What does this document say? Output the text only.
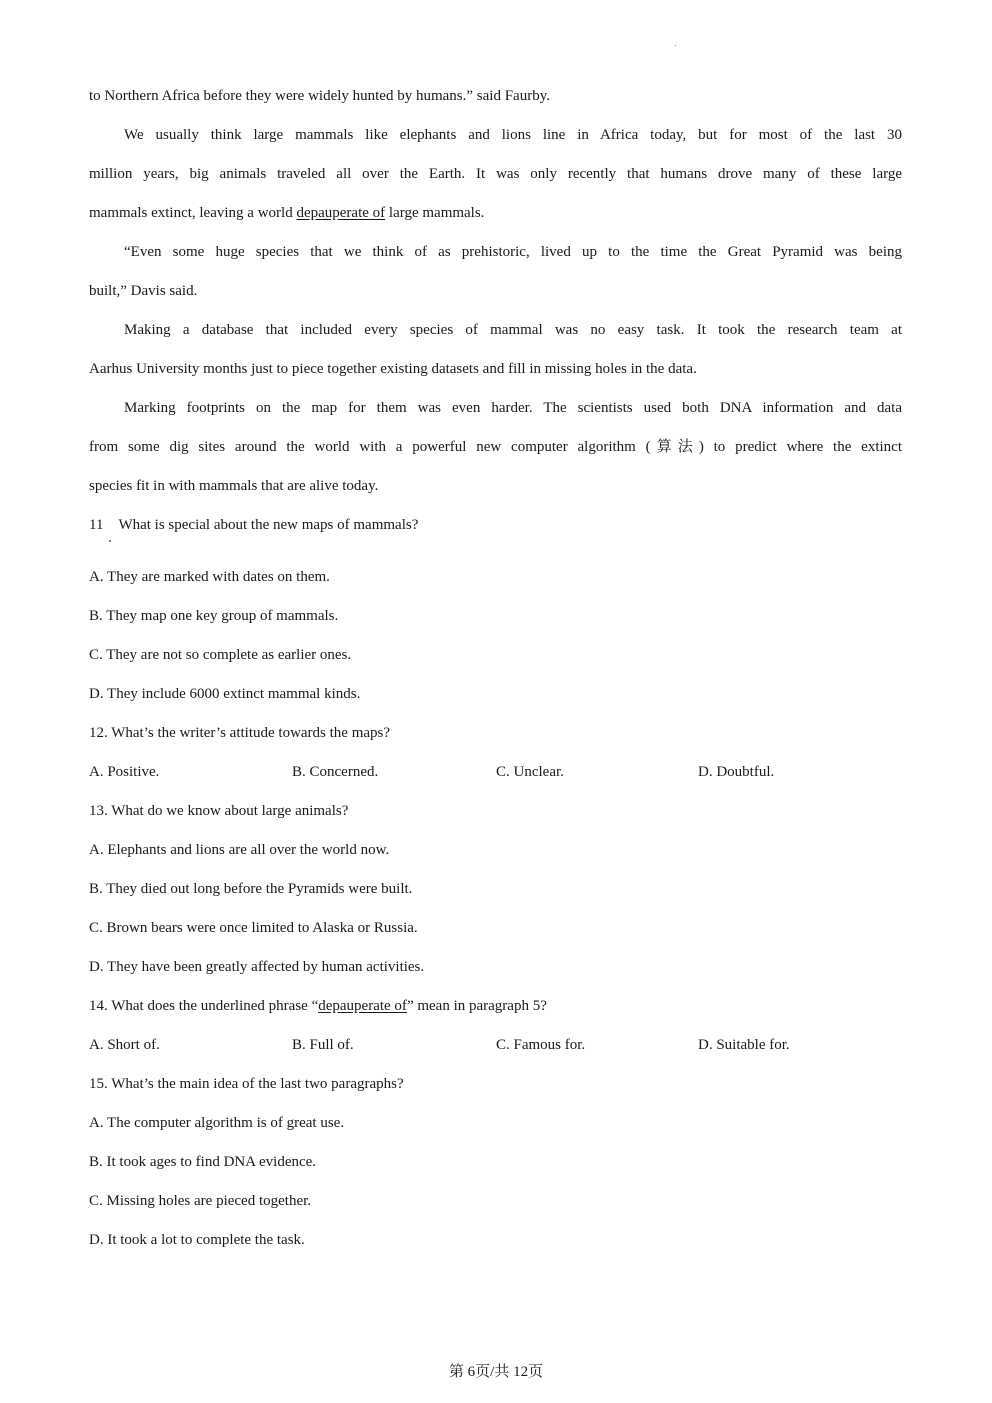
to Northern Africa before they were widely hunted by humans.” said Faurby.
We usually think large mammals like elephants and lions line in Africa today, but for most of the last 30
million years, big animals traveled all over the Earth. It was only recently that humans drove many of these large
mammals extinct, leaving a world depauperate of large mammals.
“Even some huge species that we think of as prehistoric, lived up to the time the Great Pyramid was being
built,” Davis said.
Making a database that included every species of mammal was no easy task. It took the research team at
Aarhus University months just to piece together existing datasets and fill in missing holes in the data.
Marking footprints on the map for them was even harder. The scientists used both DNA information and data
from some dig sites around the world with a powerful new computer algorithm (算法) to predict where the extinct
species fit in with mammals that are alive today.
11　What is special about the new maps of mammals?
A. They are marked with dates on them.
B. They map one key group of mammals.
C. They are not so complete as earlier ones.
D. They include 6000 extinct mammal kinds.
12. What’s the writer’s attitude towards the maps?
A. Positive.	B. Concerned.	C. Unclear.	D. Doubtful.
13. What do we know about large animals?
A. Elephants and lions are all over the world now.
B. They died out long before the Pyramids were built.
C. Brown bears were once limited to Alaska or Russia.
D. They have been greatly affected by human activities.
14. What does the underlined phrase “depauperate of” mean in paragraph 5?
A. Short of.	B. Full of.	C. Famous for.	D. Suitable for.
15. What’s the main idea of the last two paragraphs?
A. The computer algorithm is of great use.
B. It took ages to find DNA evidence.
C. Missing holes are pieced together.
D. It took a lot to complete the task.
第 6页/共 12页
